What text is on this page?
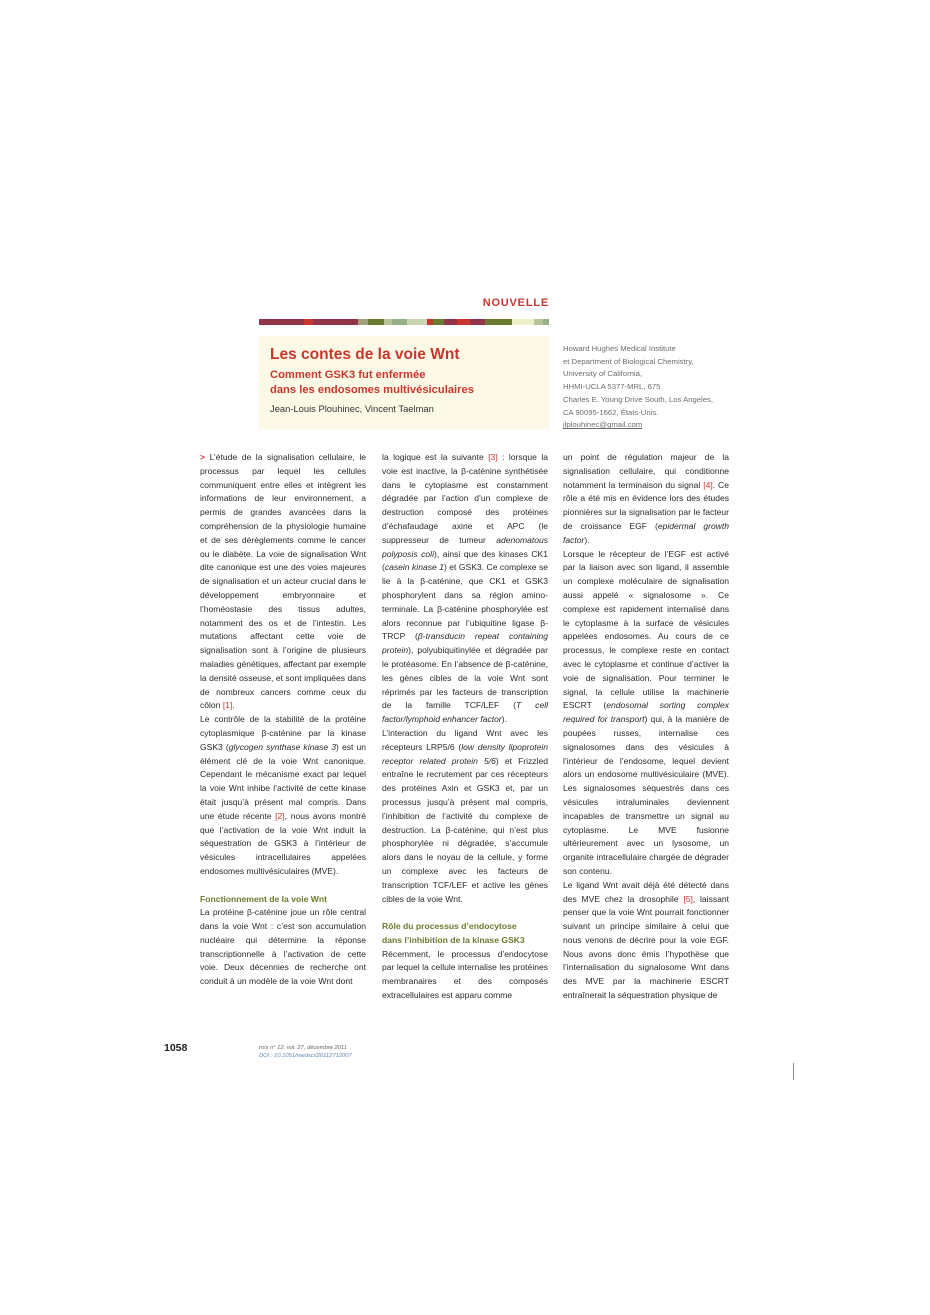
NOUVELLE
Les contes de la voie Wnt
Comment GSK3 fut enfermée
dans les endosomes multivésiculaires
Jean-Louis Plouhinec, Vincent Taelman
Howard Hughes Medical Institute
et Department of Biological Chemistry,
University of California,
HHMI-UCLA 5377-MRL, 675
Charles E. Young Drive South, Los Angeles,
CA 90095-1662, États-Unis.
jlplouhinec@gmail.com

> L’étude de la signalisation cellulaire, le processus par lequel les cellules communiquent entre elles et intègrent les informations de leur environnement, a permis de grandes avancées dans la compréhension de la physiologie humaine et de ses dérèglements comme le cancer ou le diabète. La voie de signalisation Wnt dite canonique est une des voies majeures de signalisation et un acteur crucial dans le développement embryonnaire et l’homéostasie des tissus adultes, notamment des os et de l’intestin. Les mutations affectant cette voie de signalisation sont à l’origine de plusieurs maladies génétiques, affectant par exemple la densité osseuse, et sont impliquées dans de nombreux cancers comme ceux du côlon [1].

Le contrôle de la stabilité de la protéine cytoplasmique β-caténine par la kinase GSK3 (glycogen synthase kinase 3) est un élément clé de la voie Wnt canonique. Cependant le mécanisme exact par lequel la voie Wnt inhibe l’activité de cette kinase était jusqu’à présent mal compris. Dans une étude récente [2], nous avons montré que l’activation de la voie Wnt induit la séquestration de GSK3 à l’intérieur de vésicules intracellulaires appelées endosomes multivésiculaires (MVE).

Fonctionnement de la voie Wnt

La protéine β-caténine joue un rôle central dans la voie Wnt : c’est son accumulation nucléaire qui détermine la réponse transcriptionnelle à l’activation de cette voie. Deux décennies de recherche ont conduit à un modèle de la voie Wnt dont

la logique est la suivante [3] : lorsque la voie est inactive, la β-caténine synthétisée dans le cytoplasme est constamment dégradée par l’action d’un complexe de destruction composé des protéines d’échafaudage axine et APC (le suppresseur de tumeur adenomatous polyposis coli), ainsi que des kinases CK1 (casein kinase 1) et GSK3. Ce complexe se lie à la β-caténine, que CK1 et GSK3 phosphorylent dans sa région amino-terminale. La β-caténine phosphorylée est alors reconnue par l’ubiquitine ligase β-TRCP (β-transducin repeat containing protein), polyubiquitinylée et dégradée par le protéasome. En l’absence de β-caténine, les gènes cibles de la voie Wnt sont réprimés par les facteurs de transcription de la famille TCF/LEF (T cell factor/lymphoid enhancer factor).

L’interaction du ligand Wnt avec les récepteurs LRP5/6 (low density lipoprotein receptor related protein 5/6) et Frizzled entraîne le recrutement par ces récepteurs des protéines Axin et GSK3 et, par un processus jusqu’à présent mal compris, l’inhibition de l’activité du complexe de destruction. La β-caténine, qui n’est plus phosphorylée ni dégradée, s’accumule alors dans le noyau de la cellule, y forme un complexe avec les facteurs de transcription TCF/LEF et active les gènes cibles de la voie Wnt.

Rôle du processus d’endocytose
dans l’inhibition de la kinase GSK3

Récemment, le processus d’endocytose par lequel la cellule internalise les protéines membranaires et des composés extracellulaires est apparu comme

un point de régulation majeur de la signalisation cellulaire, qui conditionne notamment la terminaison du signal [4]. Ce rôle a été mis en évidence lors des études pionnières sur la signalisation par le facteur de croissance EGF (epidermal growth factor).

Lorsque le récepteur de l’EGF est activé par la liaison avec son ligand, il assemble un complexe moléculaire de signalisation aussi appelé « signalosome ». Ce complexe est rapidement internalisé dans le cytoplasme à la surface de vésicules appelées endosomes. Au cours de ce processus, le complexe reste en contact avec le cytoplasme et continue d’activer la voie de signalisation. Pour terminer le signal, la cellule utilise la machinerie ESCRT (endosomal sorting complex required for transport) qui, à la manière de poupées russes, internalise ces signalosomes dans des vésicules à l’intérieur de l’endosome, lequel devient alors un endosome multivésiculaire (MVE). Les signalosomes séquestrés dans ces vésicules intraluminales deviennent incapables de transmettre un signal au cytoplasme. Le MVE fusionne ultérieurement avec un lysosome, un organite intracellulaire chargée de dégrader son contenu.

Le ligand Wnt avait déjà été détecté dans des MVE chez la drosophile [5], laissant penser que la voie Wnt pourrait fonctionner suivant un principe similaire à celui que nous venons de décrire pour la voie EGF. Nous avons donc émis l’hypothèse que l’internalisation du signalosome Wnt dans des MVE par la machinerie ESCRT entraînerait la séquestration physique de

1058	m/s n° 12, vol. 27, décembre 2011
DOI : 10.1051/medsci/20112712007
